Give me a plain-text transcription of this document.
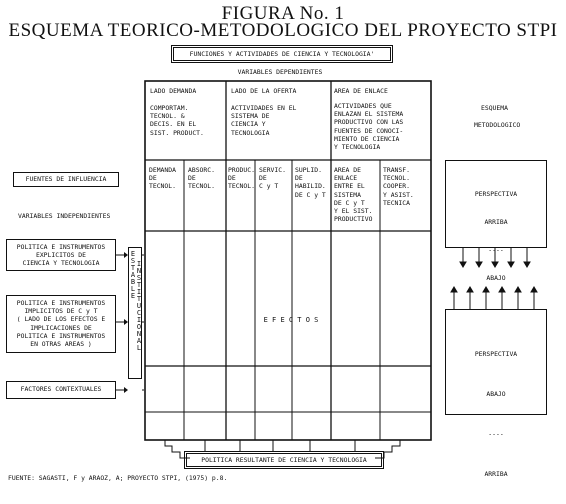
FIGURA No. 1
ESQUEMA TEORICO-METODOLOGICO DEL PROYECTO STPI
FUNCIONES Y ACTIVIDADES DE CIENCIA Y TECNOLOGIA'
VARIABLES DEPENDIENTES
LADO DEMANDA
COMPORTAM.
TECNOL. &
DECIS. EN EL
SIST. PRODUCT.
LADO DE LA OFERTA
ACTIVIDADES EN EL
SISTEMA DE
CIENCIA Y
TECNOLOGIA
AREA DE ENLACE
ACTIVIDADES QUE
ENLAZAN EL SISTEMA
PRODUCTIVO CON LAS
FUENTES DE CONOCI-
MIENTO DE CIENCIA
Y TECNOLOGIA
DEMANDA
DE
TECNOL.
ABSORC.
DE
TECNOL.
PRODUC.
DE
TECNOL.
SERVIC.
DE
C y T
SUPLID.
DE
HABILID.
DE C y T
AREA DE
ENLACE
ENTRE EL
SISTEMA
DE C y T
Y EL SIST.
PRODUCTIVO
TRANSF.
TECNOL.
COOPER.
Y ASIST.
TECNICA
E F E C T O S
FUENTES DE INFLUENCIA
VARIABLES INDEPENDIENTES
POLITICA E INSTRUMENTOS
EXPLICITOS DE
CIENCIA Y TECNOLOGIA
POLITICA E INSTRUMENTOS
IMPLICITOS DE C y T
( LADO DE LOS EFECTOS E
IMPLICACIONES DE
POLITICA E INSTRUMENTOS
EN OTRAS AREAS )
FACTORES CONTEXTUALES
ESTABLE
INSTITUCIONAL
ESQUEMA
METODOLOGICO

PERSPECTIVA

ARRIBA

----

ABAJO

PERSPECTIVA

ABAJO

----

ARRIBA

POLITICA RESULTANTE DE CIENCIA Y TECNOLOGIA
FUENTE: SAGASTI, F y ARAOZ, A; PROYECTO STPI, (1975) p.8.
